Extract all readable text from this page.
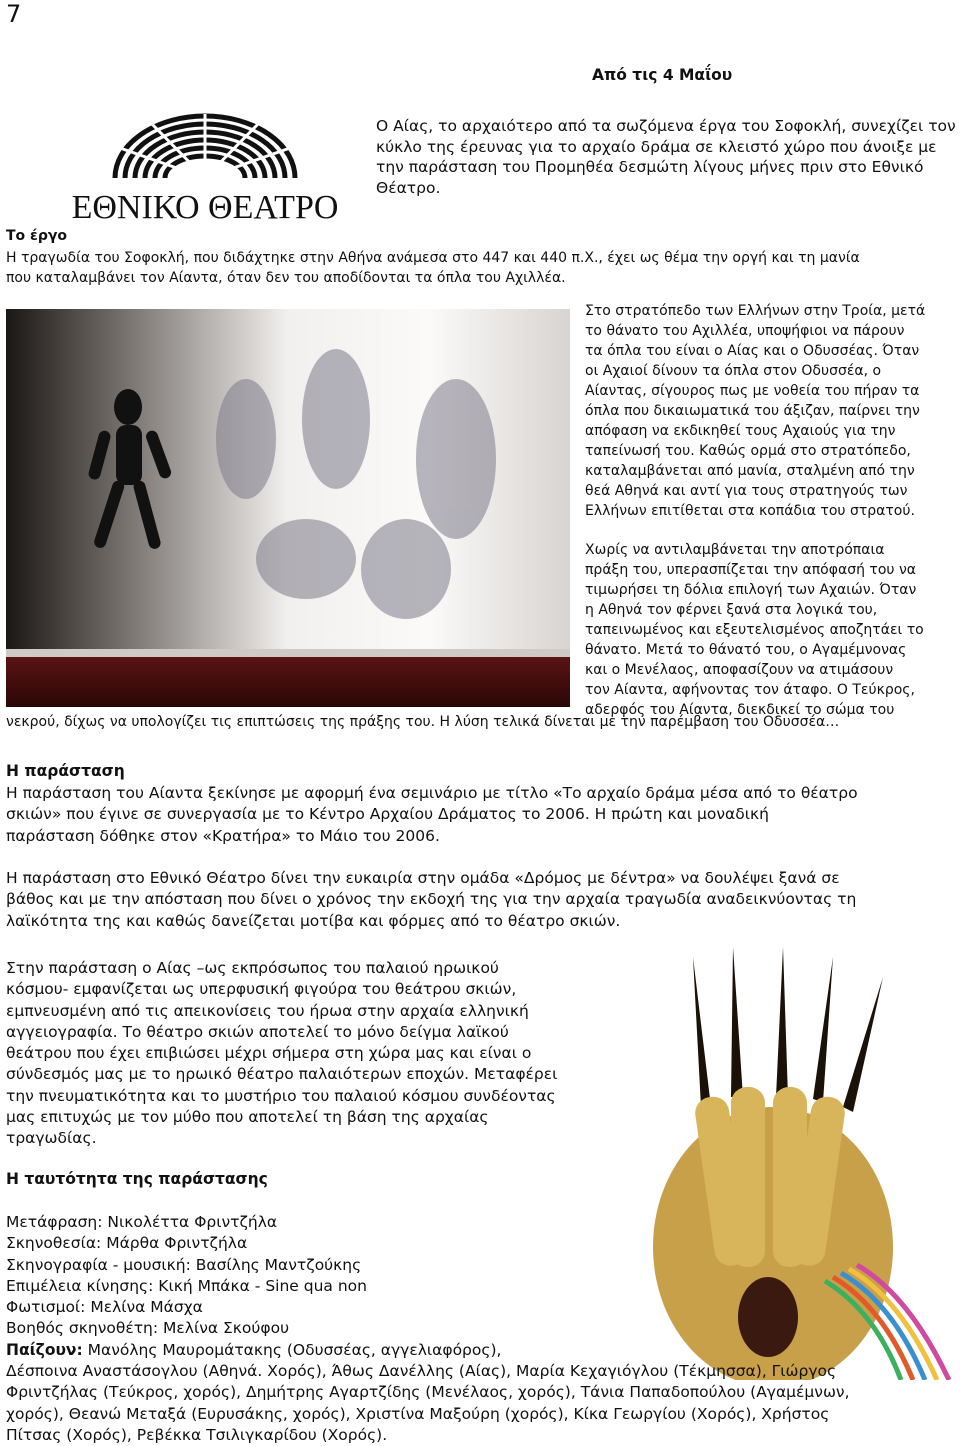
7
Από τις 4 Μαΐου
ΕΘΝΙΚΟ ΘΕΑΤΡΟ
Ο Αίας, το αρχαιότερο από τα σωζόμενα έργα του Σοφοκλή, συνεχίζει τον κύκλο της έρευνας για το αρχαίο δράμα σε κλειστό χώρο που άνοιξε με την παράσταση του Προμηθέα δεσμώτη λίγους μήνες πριν στο Εθνικό Θέατρο.
Το έργο
Η τραγωδία του Σοφοκλή, που διδάχτηκε στην Αθήνα ανάμεσα στο 447 και 440 π.Χ., έχει ως θέμα την οργή και τη μανία
που καταλαμβάνει τον Αίαντα, όταν δεν του αποδίδονται τα όπλα του Αχιλλέα.

Στο στρατόπεδο των Ελλήνων στην Τροία, μετά

το θάνατο του Αχιλλέα, υποψήφιοι να πάρουν

τα όπλα του είναι ο Αίας και ο Οδυσσέας. Όταν

οι Αχαιοί δίνουν τα όπλα στον Οδυσσέα, ο

Αίαντας, σίγουρος πως με νοθεία του πήραν τα

όπλα που δικαιωματικά του άξιζαν, παίρνει την

απόφαση να εκδικηθεί τους Αχαιούς για την

ταπείνωσή του. Καθώς ορμά στο στρατόπεδο,

καταλαμβάνεται από μανία, σταλμένη από την

θεά Αθηνά και αντί για τους στρατηγούς των

Ελλήνων επιτίθεται στα κοπάδια του στρατού.

Χωρίς να αντιλαμβάνεται την αποτρόπαια

πράξη του, υπερασπίζεται την απόφασή του να

τιμωρήσει τη δόλια επιλογή των Αχαιών. Όταν

η Αθηνά τον φέρνει ξανά στα λογικά του,

ταπεινωμένος και εξευτελισμένος αποζητάει το

θάνατο. Μετά το θάνατό του, ο Αγαμέμνονας

και ο Μενέλαος, αποφασίζουν να ατιμάσουν

τον Αίαντα, αφήνοντας τον άταφο. Ο Τεύκρος,

αδερφός του Αίαντα, διεκδικεί το σώμα του

νεκρού, δίχως να υπολογίζει τις επιπτώσεις της πράξης του. Η λύση τελικά δίνεται με την παρέμβαση του Οδυσσέα…
Η παράσταση

Η παράσταση του Αίαντα ξεκίνησε με αφορμή ένα σεμινάριο με τίτλο «Το αρχαίο δράμα μέσα από το θέατρο

σκιών» που έγινε σε συνεργασία με το Κέντρο Αρχαίου Δράματος το 2006. Η πρώτη και μοναδική

παράσταση δόθηκε στον «Κρατήρα» το Μάιο του 2006.

Η παράσταση στο Εθνικό Θέατρο δίνει την ευκαιρία στην ομάδα «Δρόμος με δέντρα» να δουλέψει ξανά σε

βάθος και με την απόσταση που δίνει ο χρόνος την εκδοχή της για την αρχαία τραγωδία αναδεικνύοντας τη

λαϊκότητα της και καθώς δανείζεται μοτίβα και φόρμες από το θέατρο σκιών.

Στην παράσταση ο Αίας –ως εκπρόσωπος του παλαιού ηρωικού

κόσμου- εμφανίζεται ως υπερφυσική φιγούρα του θεάτρου σκιών,

εμπνευσμένη από τις απεικονίσεις του ήρωα στην αρχαία ελληνική

αγγειογραφία. Το θέατρο σκιών αποτελεί το μόνο δείγμα λαϊκού

θεάτρου που έχει επιβιώσει μέχρι σήμερα στη χώρα μας και είναι ο

σύνδεσμός μας με το ηρωικό θέατρο παλαιότερων εποχών. Μεταφέρει

την πνευματικότητα και το μυστήριο του παλαιού κόσμου συνδέοντας

μας επιτυχώς με τον μύθο που αποτελεί τη βάση της αρχαίας

τραγωδίας.

Η ταυτότητα της παράστασης

Μετάφραση: Νικολέττα Φριντζήλα

Σκηνοθεσία: Μάρθα Φριντζήλα

Σκηνογραφία - μουσική: Βασίλης Μαντζούκης

Επιμέλεια κίνησης: Κική Μπάκα - Sine qua non

Φωτισμοί: Μελίνα Μάσχα

Βοηθός σκηνοθέτη: Μελίνα Σκούφου

Παίζουν: Μανόλης Μαυρομάτακης (Οδυσσέας, αγγελιαφόρος),

Δέσποινα Αναστάσογλου (Αθηνά. Χορός), Άθως Δανέλλης (Αίας), Μαρία Κεχαγιόγλου (Τέκμησσα), Γιώργος

Φριντζήλας (Τεύκρος, χορός), Δημήτρης Αγαρτζίδης (Μενέλαος, χορός), Τάνια Παπαδοπούλου (Αγαμέμνων,

χορός), Θεανώ Μεταξά (Ευρυσάκης, χορός), Χριστίνα Μαξούρη (χορός), Κίκα Γεωργίου (Χορός), Χρήστος

Πίτσας (Χορός), Ρεβέκκα Τσιλιγκαρίδου (Χορός).
